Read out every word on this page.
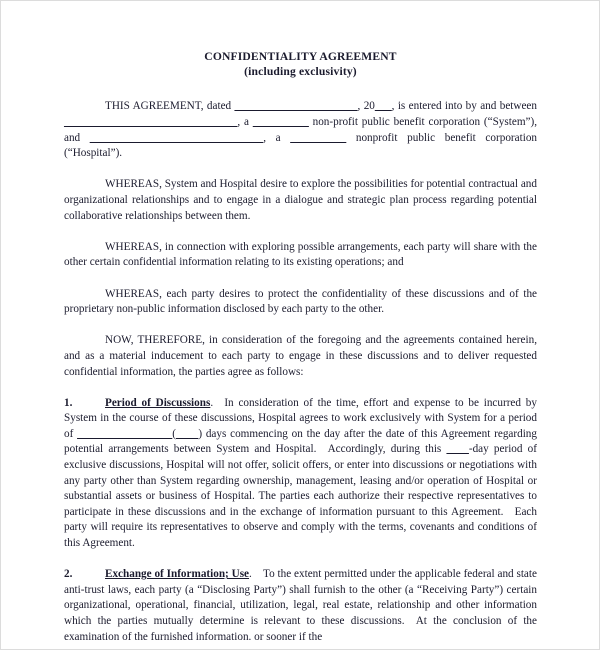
CONFIDENTIALITY AGREEMENT
(including exclusivity)

THIS AGREEMENT, dated ______________________, 20___, is entered into by and between _______________________________, a __________ non-profit public benefit corporation (“System”), and _______________________________, a __________ nonprofit public benefit corporation (“Hospital”).

WHEREAS, System and Hospital desire to explore the possibilities for potential contractual and organizational relationships and to engage in a dialogue and strategic plan process regarding potential collaborative relationships between them.

WHEREAS, in connection with exploring possible arrangements, each party will share with the other certain confidential information relating to its existing operations; and

WHEREAS, each party desires to protect the confidentiality of these discussions and of the proprietary non-public information disclosed by each party to the other.

NOW, THEREFORE, in consideration of the foregoing and the agreements contained herein, and as a material inducement to each party to engage in these discussions and to deliver requested confidential information, the parties agree as follows:

1.	Period of Discussions. In consideration of the time, effort and expense to be incurred by System in the course of these discussions, Hospital agrees to work exclusively with System for a period of _________________(____) days commencing on the day after the date of this Agreement regarding potential arrangements between System and Hospital. Accordingly, during this ____-day period of exclusive discussions, Hospital will not offer, solicit offers, or enter into discussions or negotiations with any party other than System regarding ownership, management, leasing and/or operation of Hospital or substantial assets or business of Hospital. The parties each authorize their respective representatives to participate in these discussions and in the exchange of information pursuant to this Agreement. Each party will require its representatives to observe and comply with the terms, covenants and conditions of this Agreement.

2.	Exchange of Information; Use. To the extent permitted under the applicable federal and state anti-trust laws, each party (a “Disclosing Party”) shall furnish to the other (a “Receiving Party”) certain organizational, operational, financial, utilization, legal, real estate, relationship and other information which the parties mutually determine is relevant to these discussions. At the conclusion of the examination of the furnished information. or sooner if the
